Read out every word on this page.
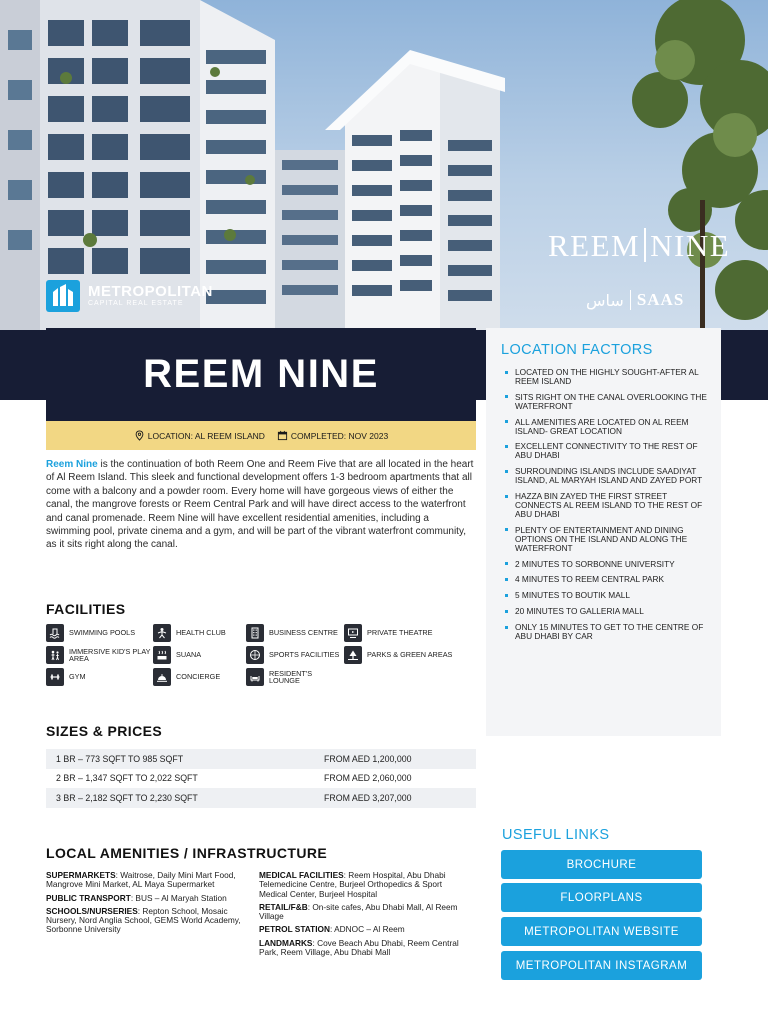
METROPOLITAN
CAPITAL REAL ESTATE
REEM NINE
ساس SAAS
REEM NINE
LOCATION: AL REEM ISLAND	COMPLETED: NOV 2023

Reem Nine is the continuation of both Reem One and Reem Five that are all located in the heart of Al Reem Island. This sleek and functional development offers 1-3 bedroom apartments that all come with a balcony and a powder room. Every home will have gorgeous views of either the canal, the mangrove forests or Reem Central Park and will have direct access to the waterfront and canal promenade. Reem Nine will have excellent residential amenities, including a swimming pool, private cinema and a gym, and will be part of the vibrant waterfront community, as it sits right along the canal.

FACILITIES
SWIMMING POOLS	HEALTH CLUB	BUSINESS CENTRE	PRIVATE THEATRE
IMMERSIVE KID'S PLAY AREA	SUANA	SPORTS FACILITIES	PARKS & GREEN AREAS
GYM	CONCIERGE	RESIDENT'S LOUNGE
SIZES & PRICES
1 BR – 773 SQFT TO 985 SQFT	FROM AED 1,200,000
2 BR – 1,347 SQFT TO 2,022 SQFT	FROM AED 2,060,000
3 BR – 2,182 SQFT TO 2,230 SQFT	FROM AED 3,207,000
LOCAL AMENITIES / INFRASTRUCTURE

SUPERMARKETS: Waitrose, Daily Mini Mart Food, Mangrove Mini Market, AL Maya Supermarket

PUBLIC TRANSPORT: BUS – Al Maryah Station

SCHOOLS/NURSERIES: Repton School, Mosaic Nursery, Nord Anglia School, GEMS World Academy, Sorbonne University

MEDICAL FACILITIES: Reem Hospital, Abu Dhabi Telemedicine Centre, Burjeel Orthopedics & Sport Medical Center, Burjeel Hospital

RETAIL/F&B: On-site cafes, Abu Dhabi Mall, Al Reem Village

PETROL STATION: ADNOC – Al Reem

LANDMARKS: Cove Beach Abu Dhabi, Reem Central Park, Reem Village, Abu Dhabi Mall

LOCATION FACTORS
LOCATED ON THE HIGHLY SOUGHT-AFTER AL REEM ISLAND
SITS RIGHT ON THE CANAL OVERLOOKING THE WATERFRONT
ALL AMENITIES ARE LOCATED ON AL REEM ISLAND- GREAT LOCATION
EXCELLENT CONNECTIVITY TO THE REST OF ABU DHABI
SURROUNDING ISLANDS INCLUDE SAADIYAT ISLAND, AL MARYAH ISLAND AND ZAYED PORT
HAZZA BIN ZAYED THE FIRST STREET CONNECTS AL REEM ISLAND TO THE REST OF ABU DHABI
PLENTY OF ENTERTAINMENT AND DINING OPTIONS ON THE ISLAND AND ALONG THE WATERFRONT
2 MINUTES TO SORBONNE UNIVERSITY
4 MINUTES TO REEM CENTRAL PARK
5 MINUTES TO BOUTIK MALL
20 MINUTES TO GALLERIA MALL
ONLY 15 MINUTES TO GET TO THE CENTRE OF ABU DHABI BY CAR
USEFUL LINKS
BROCHURE
FLOORPLANS
METROPOLITAN WEBSITE
METROPOLITAN INSTAGRAM
